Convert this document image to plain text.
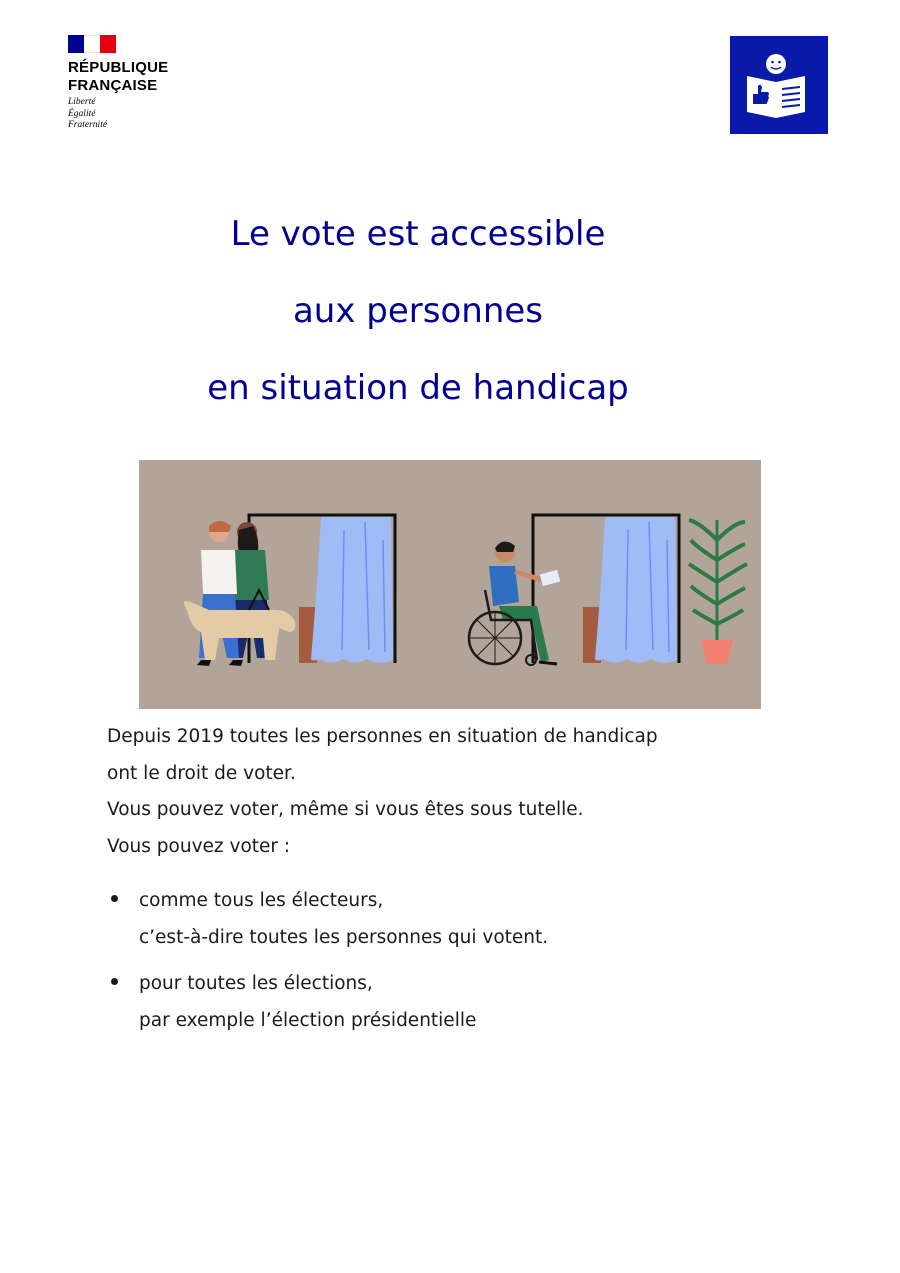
RÉPUBLIQUE
FRANÇAISE
Liberté
Égalité
Fraternité
Le vote est accessible
aux personnes
en situation de handicap

Depuis 2019 toutes les personnes en situation de handicap

ont le droit de voter.

Vous pouvez voter, même si vous êtes sous tutelle.

Vous pouvez voter :

comme tous les électeurs,
c’est-à-dire toutes les personnes qui votent.
pour toutes les élections,
par exemple l’élection présidentielle
